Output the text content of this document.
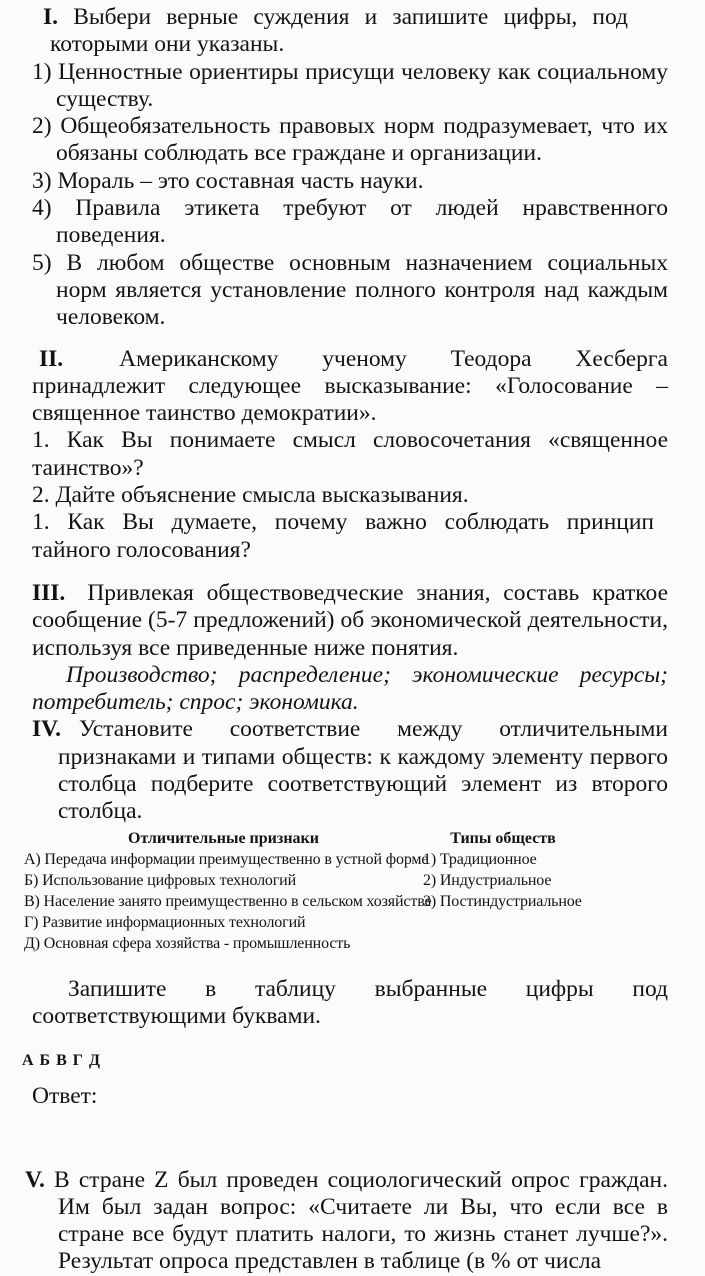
I. Выбери верные суждения и запишите цифры, под которыми они указаны.

1) Ценностные ориентиры присущи человеку как социальному существу.

2) Общеобязательность правовых норм подразумевает, что их обязаны соблюдать все граждане и организации.

3) Мораль – это составная часть науки.

4) Правила этикета требуют от людей нравственного поведения.

5) В любом обществе основным назначением социальных норм является установление полного контроля над каждым человеком.

II. Американскому ученому Теодора Хесберга принадлежит следующее высказывание: «Голосование – священное таинство демократии».

1. Как Вы понимаете смысл словосочетания «священное таинство»?

2. Дайте объяснение смысла высказывания.

1. Как Вы думаете, почему важно соблюдать принцип тайного голосования?

III. Привлекая обществоведческие знания, составь краткое сообщение (5-7 предложений) об экономической деятельности, используя все приведенные ниже понятия.

Производство; распределение; экономические ресурсы; потребитель; спрос; экономика.

IV. Установите соответствие между отличительными признаками и типами обществ: к каждому элементу первого столбца подберите соответствующий элемент из второго столбца.

Отличительные признаки	Типы обществ
А) Передача информации преимущественно в устной форме
1) Традиционное
Б) Использование цифровых технологий	2) Индустриальное
В) Население занято преимущественно в сельском хозяйстве
3) Постиндустриальное
Г) Развитие информационных технологий
Д) Основная сфера хозяйства - промышленность

Запишите в таблицу выбранные цифры под соответствующими буквами.

А Б В Г Д

Ответ:

V. В стране Z был проведен социологический опрос граждан. Им был задан вопрос: «Считаете ли Вы, что если все в стране все будут платить налоги, то жизнь станет лучше?». Результат опроса представлен в таблице (в % от числа
